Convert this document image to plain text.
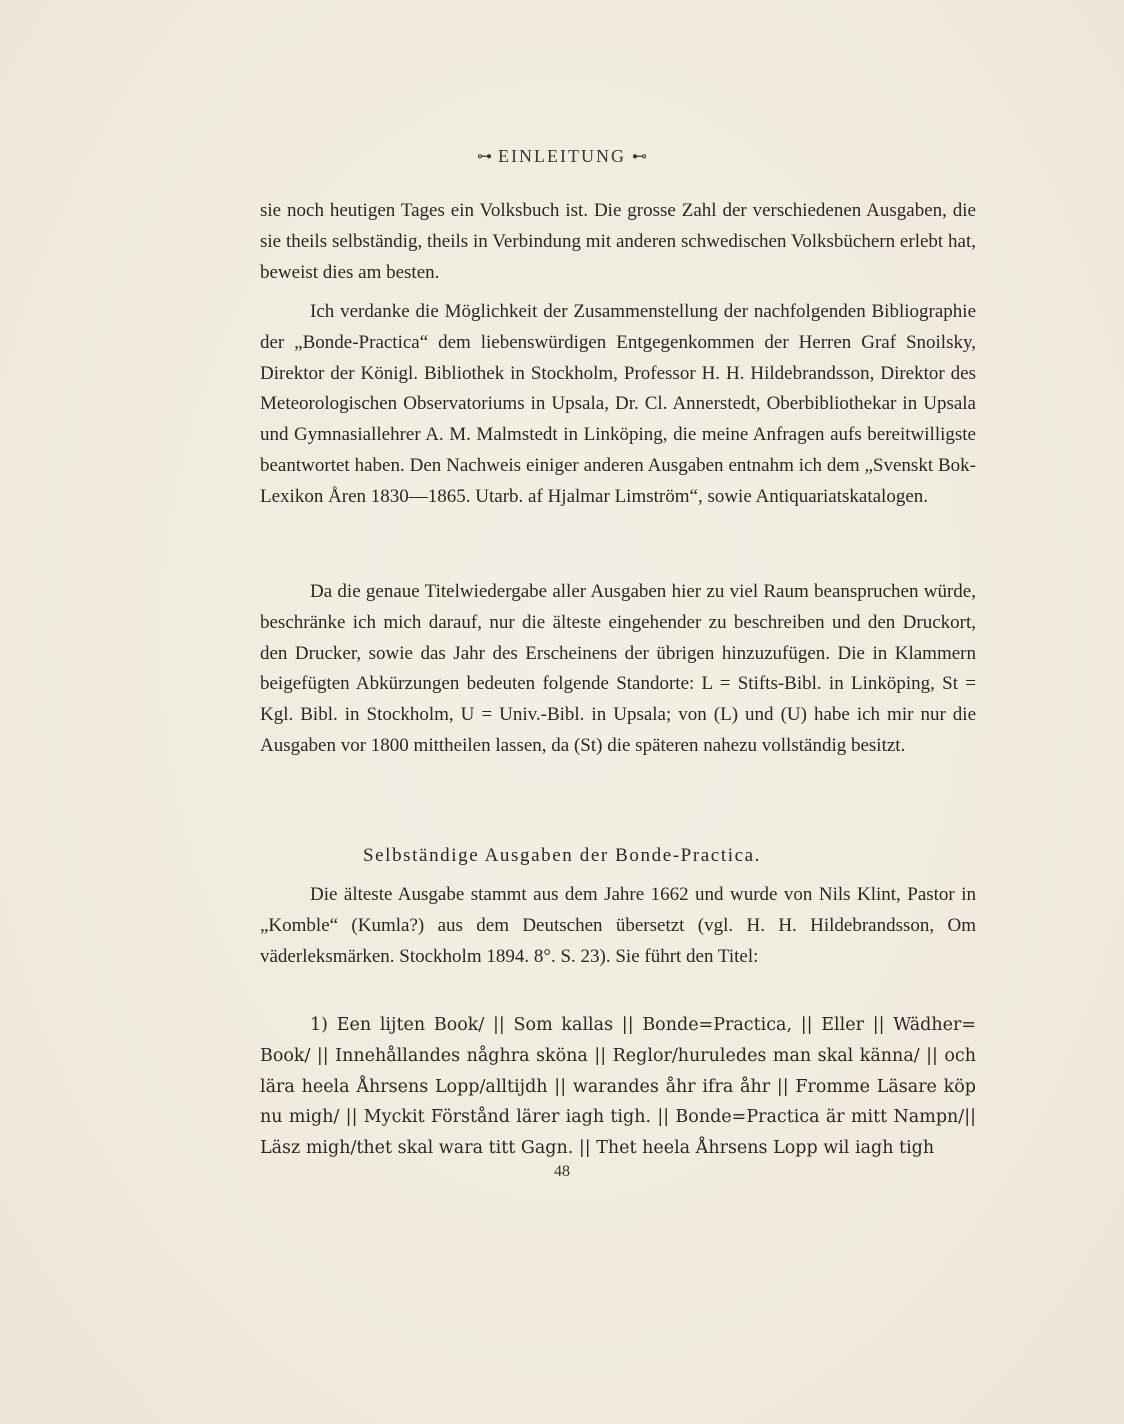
⊶ EINLEITUNG ⊷

sie noch heutigen Tages ein Volksbuch ist. Die grosse Zahl der verschiedenen Ausgaben, die sie theils selbständig, theils in Verbindung mit anderen schwedischen Volksbüchern erlebt hat, beweist dies am besten.

Ich verdanke die Möglichkeit der Zusammenstellung der nachfolgenden Bibliographie der „Bonde-Practica“ dem liebenswürdigen Entgegenkommen der Herren Graf Snoilsky, Direktor der Königl. Bibliothek in Stockholm, Professor H. H. Hildebrandsson, Direktor des Meteorologischen Observatoriums in Upsala, Dr. Cl. Annerstedt, Oberbibliothekar in Upsala und Gymnasiallehrer A. M. Malmstedt in Linköping, die meine Anfragen aufs bereitwilligste beantwortet haben. Den Nachweis einiger anderen Ausgaben entnahm ich dem „Svenskt Bok-Lexikon Åren 1830—1865. Utarb. af Hjalmar Limström“, sowie Antiquariatskatalogen.

Da die genaue Titelwiedergabe aller Ausgaben hier zu viel Raum beanspruchen würde, beschränke ich mich darauf, nur die älteste eingehender zu beschreiben und den Druckort, den Drucker, sowie das Jahr des Erscheinens der übrigen hinzuzufügen. Die in Klammern beigefügten Abkürzungen bedeuten folgende Standorte: L = Stifts-Bibl. in Linköping, St = Kgl. Bibl. in Stockholm, U = Univ.-Bibl. in Upsala; von (L) und (U) habe ich mir nur die Ausgaben vor 1800 mittheilen lassen, da (St) die späteren nahezu vollständig besitzt.

Selbständige Ausgaben der Bonde-Practica.

Die älteste Ausgabe stammt aus dem Jahre 1662 und wurde von Nils Klint, Pastor in „Komble“ (Kumla?) aus dem Deutschen übersetzt (vgl. H. H. Hildebrandsson, Om väderleksmärken. Stockholm 1894. 8°. S. 23). Sie führt den Titel:

1) Een lijten Book/ || Som kallas || Bonde=Practica, || Eller || Wädher= Book/ || Innehållandes någhra sköna || Reglor/huruledes man skal känna/ || och lära heela Åhrsens Lopp/alltijdh || warandes åhr ifra åhr || Fromme Läsare köp nu migh/ || Myckit Förstånd lärer iagh tigh. || Bonde=Practica är mitt Nampn/|| Läsz migh/thet skal wara titt Gagn. || Thet heela Åhrsens Lopp wil iagh tigh

48
